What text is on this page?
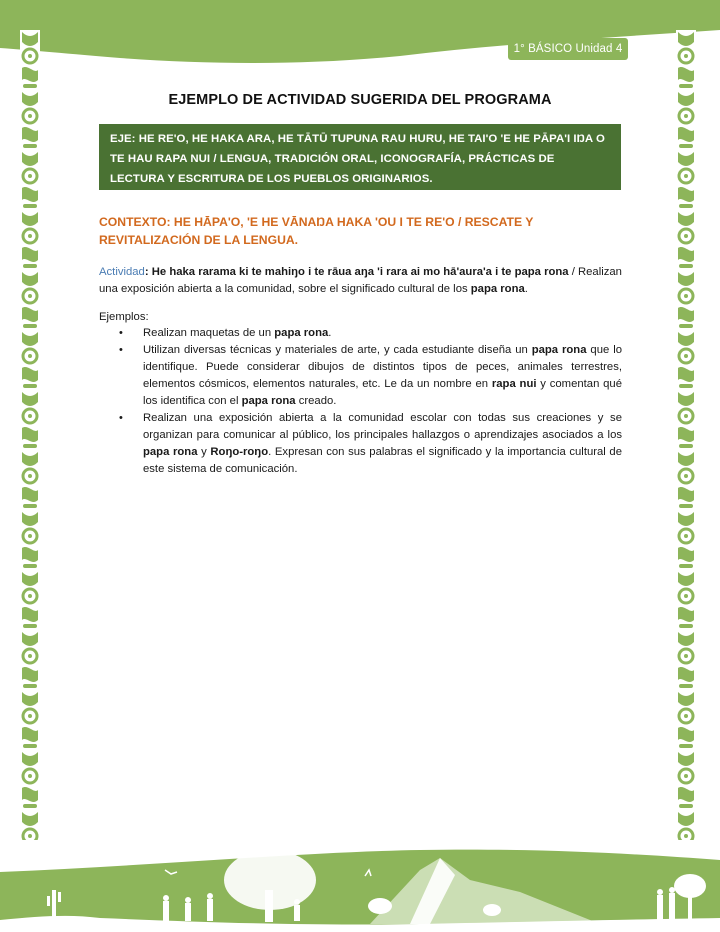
1° BÁSICO Unidad 4
EJEMPLO DE ACTIVIDAD SUGERIDA DEL PROGRAMA
EJE: HE RE'O, HE HAKA ARA, HE TĀTŪ TUPUNA RAU HURU, HE TAI'O 'E HE PĀPA'I IŊA O TE HAU RAPA NUI / LENGUA, TRADICIÓN ORAL, ICONOGRAFÍA, PRÁCTICAS DE LECTURA Y ESCRITURA DE LOS PUEBLOS ORIGINARIOS.
CONTEXTO: HE HĀPA'O, 'E HE VĀNAŊA HAKA 'OU I TE RE'O / RESCATE Y REVITALIZACIÓN DE LA LENGUA.

Actividad: He haka rarama ki te mahiŋo i te rāua aŋa 'i rara ai mo hā'aura'a i te papa rona / Realizan una exposición abierta a la comunidad, sobre el significado cultural de los papa rona.

Ejemplos:
• Realizan maquetas de un papa rona.
• Utilizan diversas técnicas y materiales de arte, y cada estudiante diseña un papa rona que lo identifique. Puede considerar dibujos de distintos tipos de peces, animales terrestres, elementos cósmicos, elementos naturales, etc. Le da un nombre en rapa nui y comentan qué los identifica con el papa rona creado.
• Realizan una exposición abierta a la comunidad escolar con todas sus creaciones y se organizan para comunicar al público, los principales hallazgos o aprendizajes asociados a los papa rona y Roŋo-roŋo. Expresan con sus palabras el significado y la importancia cultural de este sistema de comunicación.
